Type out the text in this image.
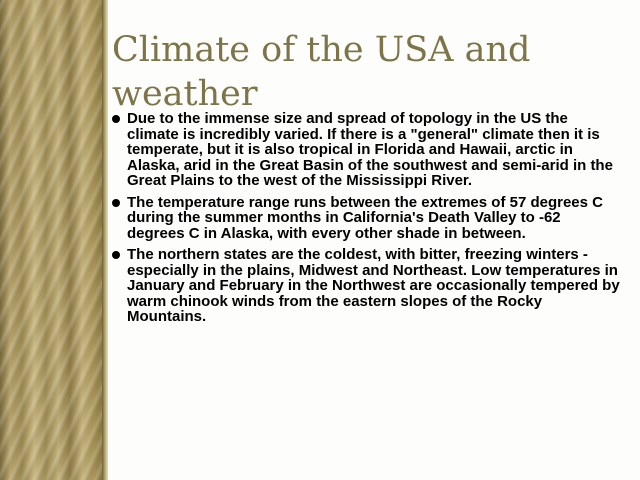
Climate of the USA and weather
Due to the immense size and spread of topology in the US the climate is incredibly varied. If there is a "general" climate then it is temperate, but it is also tropical in Florida and Hawaii, arctic in Alaska, arid in the Great Basin of the southwest and semi-arid in the Great Plains to the west of the Mississippi River.
The temperature range runs between the extremes of 57 degrees C during the summer months in California's Death Valley to -62 degrees C in Alaska, with every other shade in between.
The northern states are the coldest, with bitter, freezing winters - especially in the plains, Midwest and Northeast. Low temperatures in January and February in the Northwest are occasionally tempered by warm chinook winds from the eastern slopes of the Rocky Mountains.
